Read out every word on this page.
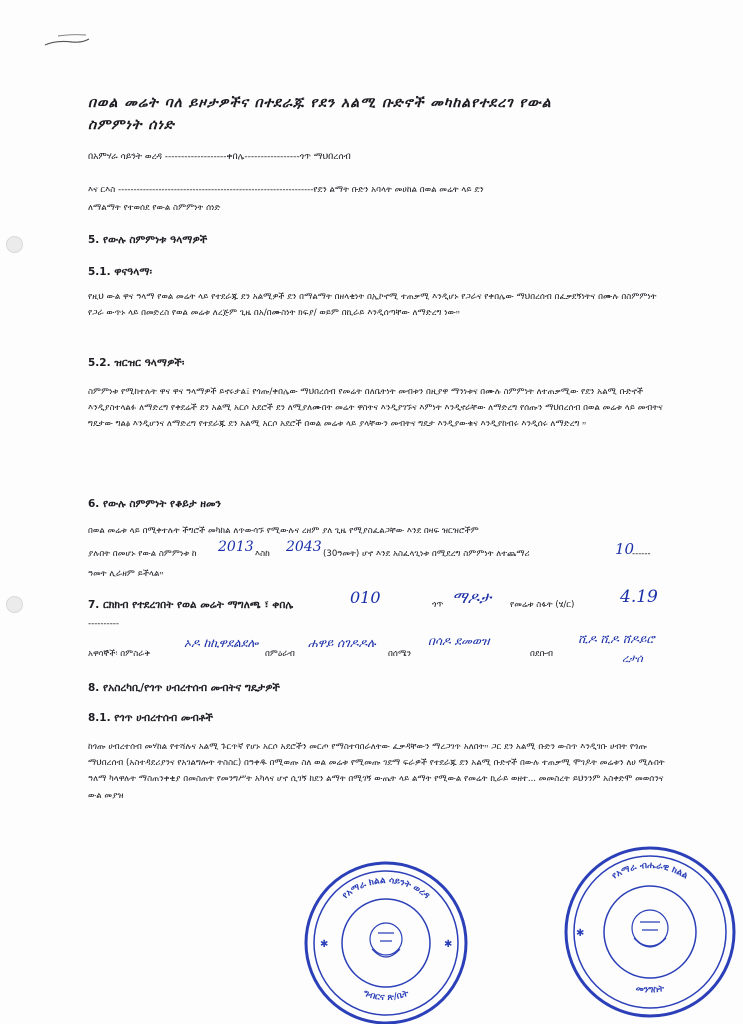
በወል መሬት ባለ ይዞታዎችና በተደራጁ የደን አልሚ ቡድኖች መካከልየተደረገ የውል

ስምምነት ሰነድ

በአምሃራ ሳይንት ወረዳ -------------------ቀበሌ-----------------ጎጥ ማህበረሰብ

እና ርእስ ---------------------------------------------------------------የደን ልማት ቡድን አባላት መሀከል በወል መሬት ላይ ደን

ለማልማት የተወሰደ የውል ስምምነት ሰነድ

5. የውሉ ስምምነቱ ዓላማዎች

5.1. ዋናዓላማ፡

የዚህ ውል ዋና ዓላማ የወል መሬት ላይ የተደራጁ ደን አልሚዎች ደን በማልማት በዘላቂነት በኢኮኖሚ ተጠቃሚ እንዲሆኑ የጋራና የቀበሌው ማህበረሰብ በፈቃደኝነትና በሙሉ በስምምነት የጋራ ውጥኑ ላይ በመድረስ የወል መሬቱ ለረጅም ጊዜ በአ/በሙስነት ክፍያ/ ወይም በኪራይ እንዲሰጣቸው ለማድረግ ነው።

5.2. ዝርዝር ዓላማዎች፡

ስምምነቱ የሚከተሉት ዋና ዋና ዓላማዎች ይኖሩታል፤ የጎጡ/ቀበሌው ማህበረሰብ የመሬት በለቤትነት መብቱን በዚያዋ ማንነቱና በሙሉ ስምምነት ለተጠቃሚው የደን አልሚ ቡድኖች እንዲያስተላልፉ ለማድረግ የቀደሬች ደን አልሚ አርሶ አደሮች ደን ለሚያለሙበት መሬት ዋስትና እንዲያገኙና እምነት እንዲኖራቸው ለማድረግ የሰጡን ማህበረሰብ በወል መሬቱ ላይ መብትና ግዴታው ግልፅ እንዲሆንና ለማድረግ የተደራጁ ደን አልሚ አርሶ አደሮች በወል መሬቱ ላይ ያላቸውን መብትና ግዴታ እንዲያውቁና እንዲያከብሩ እንዲሰሩ ለማድረግ ።

6. የውሉ ስምምነት የቆይታ ዘመን

በወል መሬቱ ላይ በሚቀተሉት ችግሮች መካከል ለጥውሳኙ የሚውሉና ረዘም ያለ ጊዜ የሚያስፈልጋቸው እንደ በዛፍ ዝርዝሮችም

ያሉበት በመሆኑ የውል ስምምነቱ ከ 2013 እስከ 2043 (30ዓመት) ሆኖ እንደ አስፈላጊነቱ በሚደረግ ስምምነት ለተጨማሪ	10

------

ዓመት ሊራዘም ይችላል።

7. ርክክብ የተደረገበት የወል መሬት ማግለጫ ፣ ቀበሌ	010	ጎጥ ማዶታ የመሬቱ ስፋት (ሄ/ር)	4.19

----------

አዋሳኞች፡ በምስራቅ

ኦዶ ከኪዋደልደሎ

በምዕራብ

ሐዋይ ሰገዶዶሉ

በሰሜን

በሳዶ ደመወዝ

በደቡብ

ሺዶ ሺዶ ሸዶይሮ

ረታሰ

8. የአስረካቢ/የጎጥ ሀብረተሰብ መብትና ግዴታዎች

8.1. የጎጥ ሀብረተሰብ መብቶች

ከጎጡ ሀብረተሰብ መሃከል የተሻሉና አልሚ ጉርጥኛ የሆኑ አርሶ አደሮችን መርጦ የማስተባበራለትው ፈቃዳቸውን ማረጋገጥ አለበት። ጋር ደን አልሚ ቡድን ውስጥ እንዲገቡ ሀብት የጎጡ ማህበረሰብ (አስተዳደሪያንና የአገልግሎት ትስስር) በዓቀዱ በሚወጡ ስለ ወል መሬቱ የሚመጡ ገደማ ፍራዎች የተደራጁ ደን አልሚ ቡድኖች በውሉ ተጠቃሚ ሞገዶት መሬቱን ለሀ ሚሉበት ዓለማ ካላዋሉት ማስጠንቀቂያ በመስጠት የመንግሥት አካላና ሆኖ ሲገኝ ከደን ልማት በሚገኝ ውጤት ላይ ልማት የሚውል የመሬት ኪራይ ወዘተ... መመስረት ይህንንም አስቀድሞ መወሰንና ውል መያዝ

የአማራ ክልል ሳይንት ወረዳ
ግብርና ጽ/ቤት
✱	✱
የአማራ ብሔራዊ ክልል
መንግስት
✱
